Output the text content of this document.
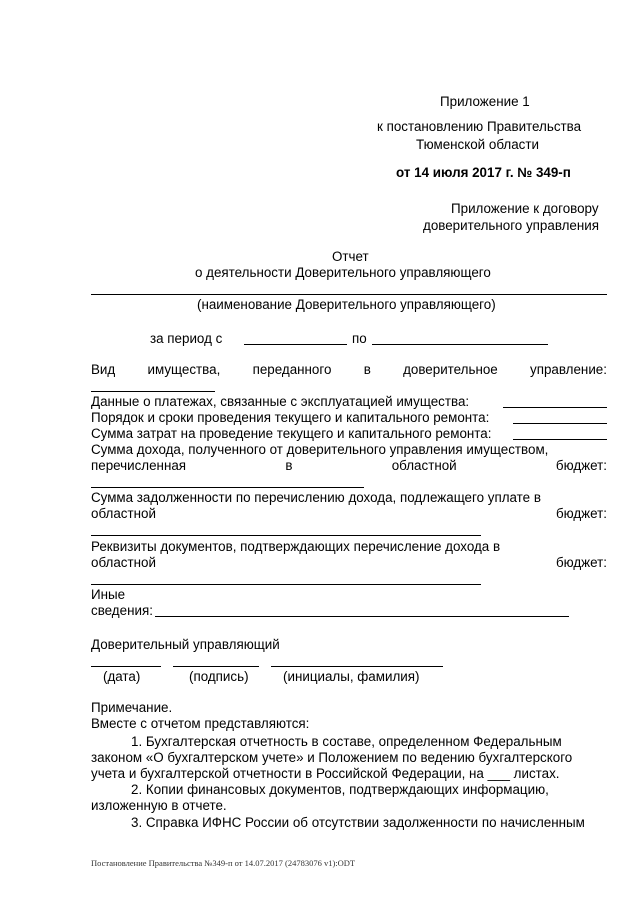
Приложение 1
к постановлению Правительства
Тюменской области
от 14 июля 2017 г. № 349-п
Приложение к договору
доверительного управления
Отчет
о деятельности Доверительного управляющего
(наименование Доверительного управляющего)
за период с	по
Вид имущества, переданного в доверительное управление:
Данные о платежах, связанные с эксплуатацией имущества:
Порядок и сроки проведения текущего и капитального ремонта:
Сумма затрат на проведение текущего и капитального ремонта:
Сумма дохода, полученного от доверительного управления имуществом,
перечисленная	в	областной	бюджет:
Сумма задолженности по перечислению дохода, подлежащего уплате в
областной	бюджет:
Реквизиты документов, подтверждающих перечисление дохода в
областной	бюджет:
Иные
сведения:
Доверительный управляющий
(дата)	(подпись)	(инициалы, фамилия)
Примечание.
Вместе с отчетом представляются:
1. Бухгалтерская отчетность в составе, определенном Федеральным
законом «О бухгалтерском учете» и Положением по ведению бухгалтерского
учета и бухгалтерской отчетности в Российской Федерации, на ___ листах.
2. Копии финансовых документов, подтверждающих информацию,
изложенную в отчете.
3. Справка ИФНС России об отсутствии задолженности по начисленным
Постановление Правительства №349-п от 14.07.2017 (24783076 v1):ODT
